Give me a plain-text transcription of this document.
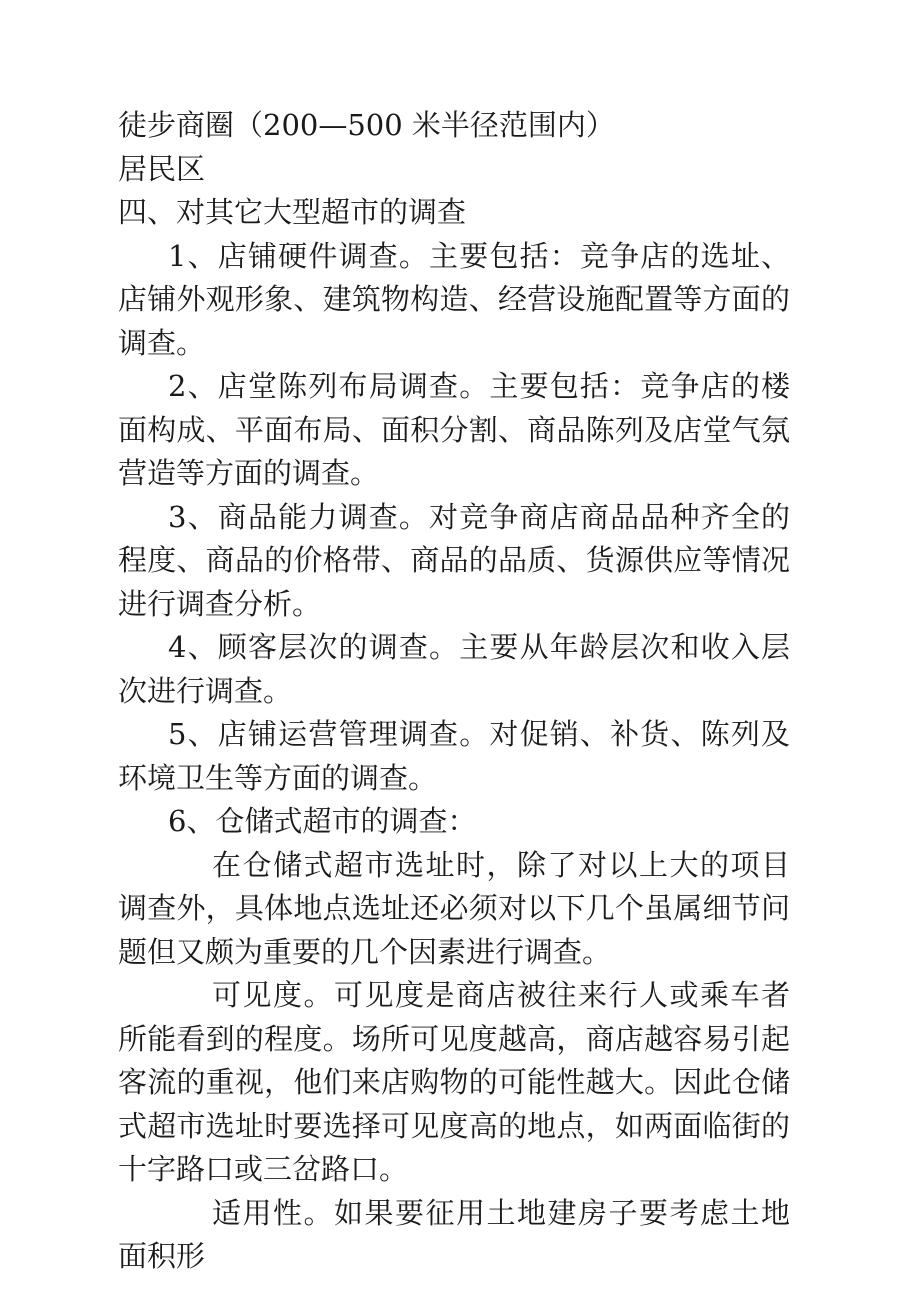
徒步商圈（200—500 米半径范围内）

居民区

四、对其它大型超市的调查

1、店铺硬件调查。主要包括：竞争店的选址、店铺外观形象、建筑物构造、经营设施配置等方面的调查。

2、店堂陈列布局调查。主要包括：竞争店的楼面构成、平面布局、面积分割、商品陈列及店堂气氛营造等方面的调查。

3、商品能力调查。对竞争商店商品品种齐全的程度、商品的价格带、商品的品质、货源供应等情况进行调查分析。

4、顾客层次的调查。主要从年龄层次和收入层次进行调查。

5、店铺运营管理调查。对促销、补货、陈列及环境卫生等方面的调查。

6、仓储式超市的调查：

在仓储式超市选址时，除了对以上大的项目调查外，具体地点选址还必须对以下几个虽属细节问题但又颇为重要的几个因素进行调查。

可见度。可见度是商店被往来行人或乘车者所能看到的程度。场所可见度越高，商店越容易引起客流的重视，他们来店购物的可能性越大。因此仓储式超市选址时要选择可见度高的地点，如两面临街的十字路口或三岔路口。

适用性。如果要征用土地建房子要考虑土地面积形
